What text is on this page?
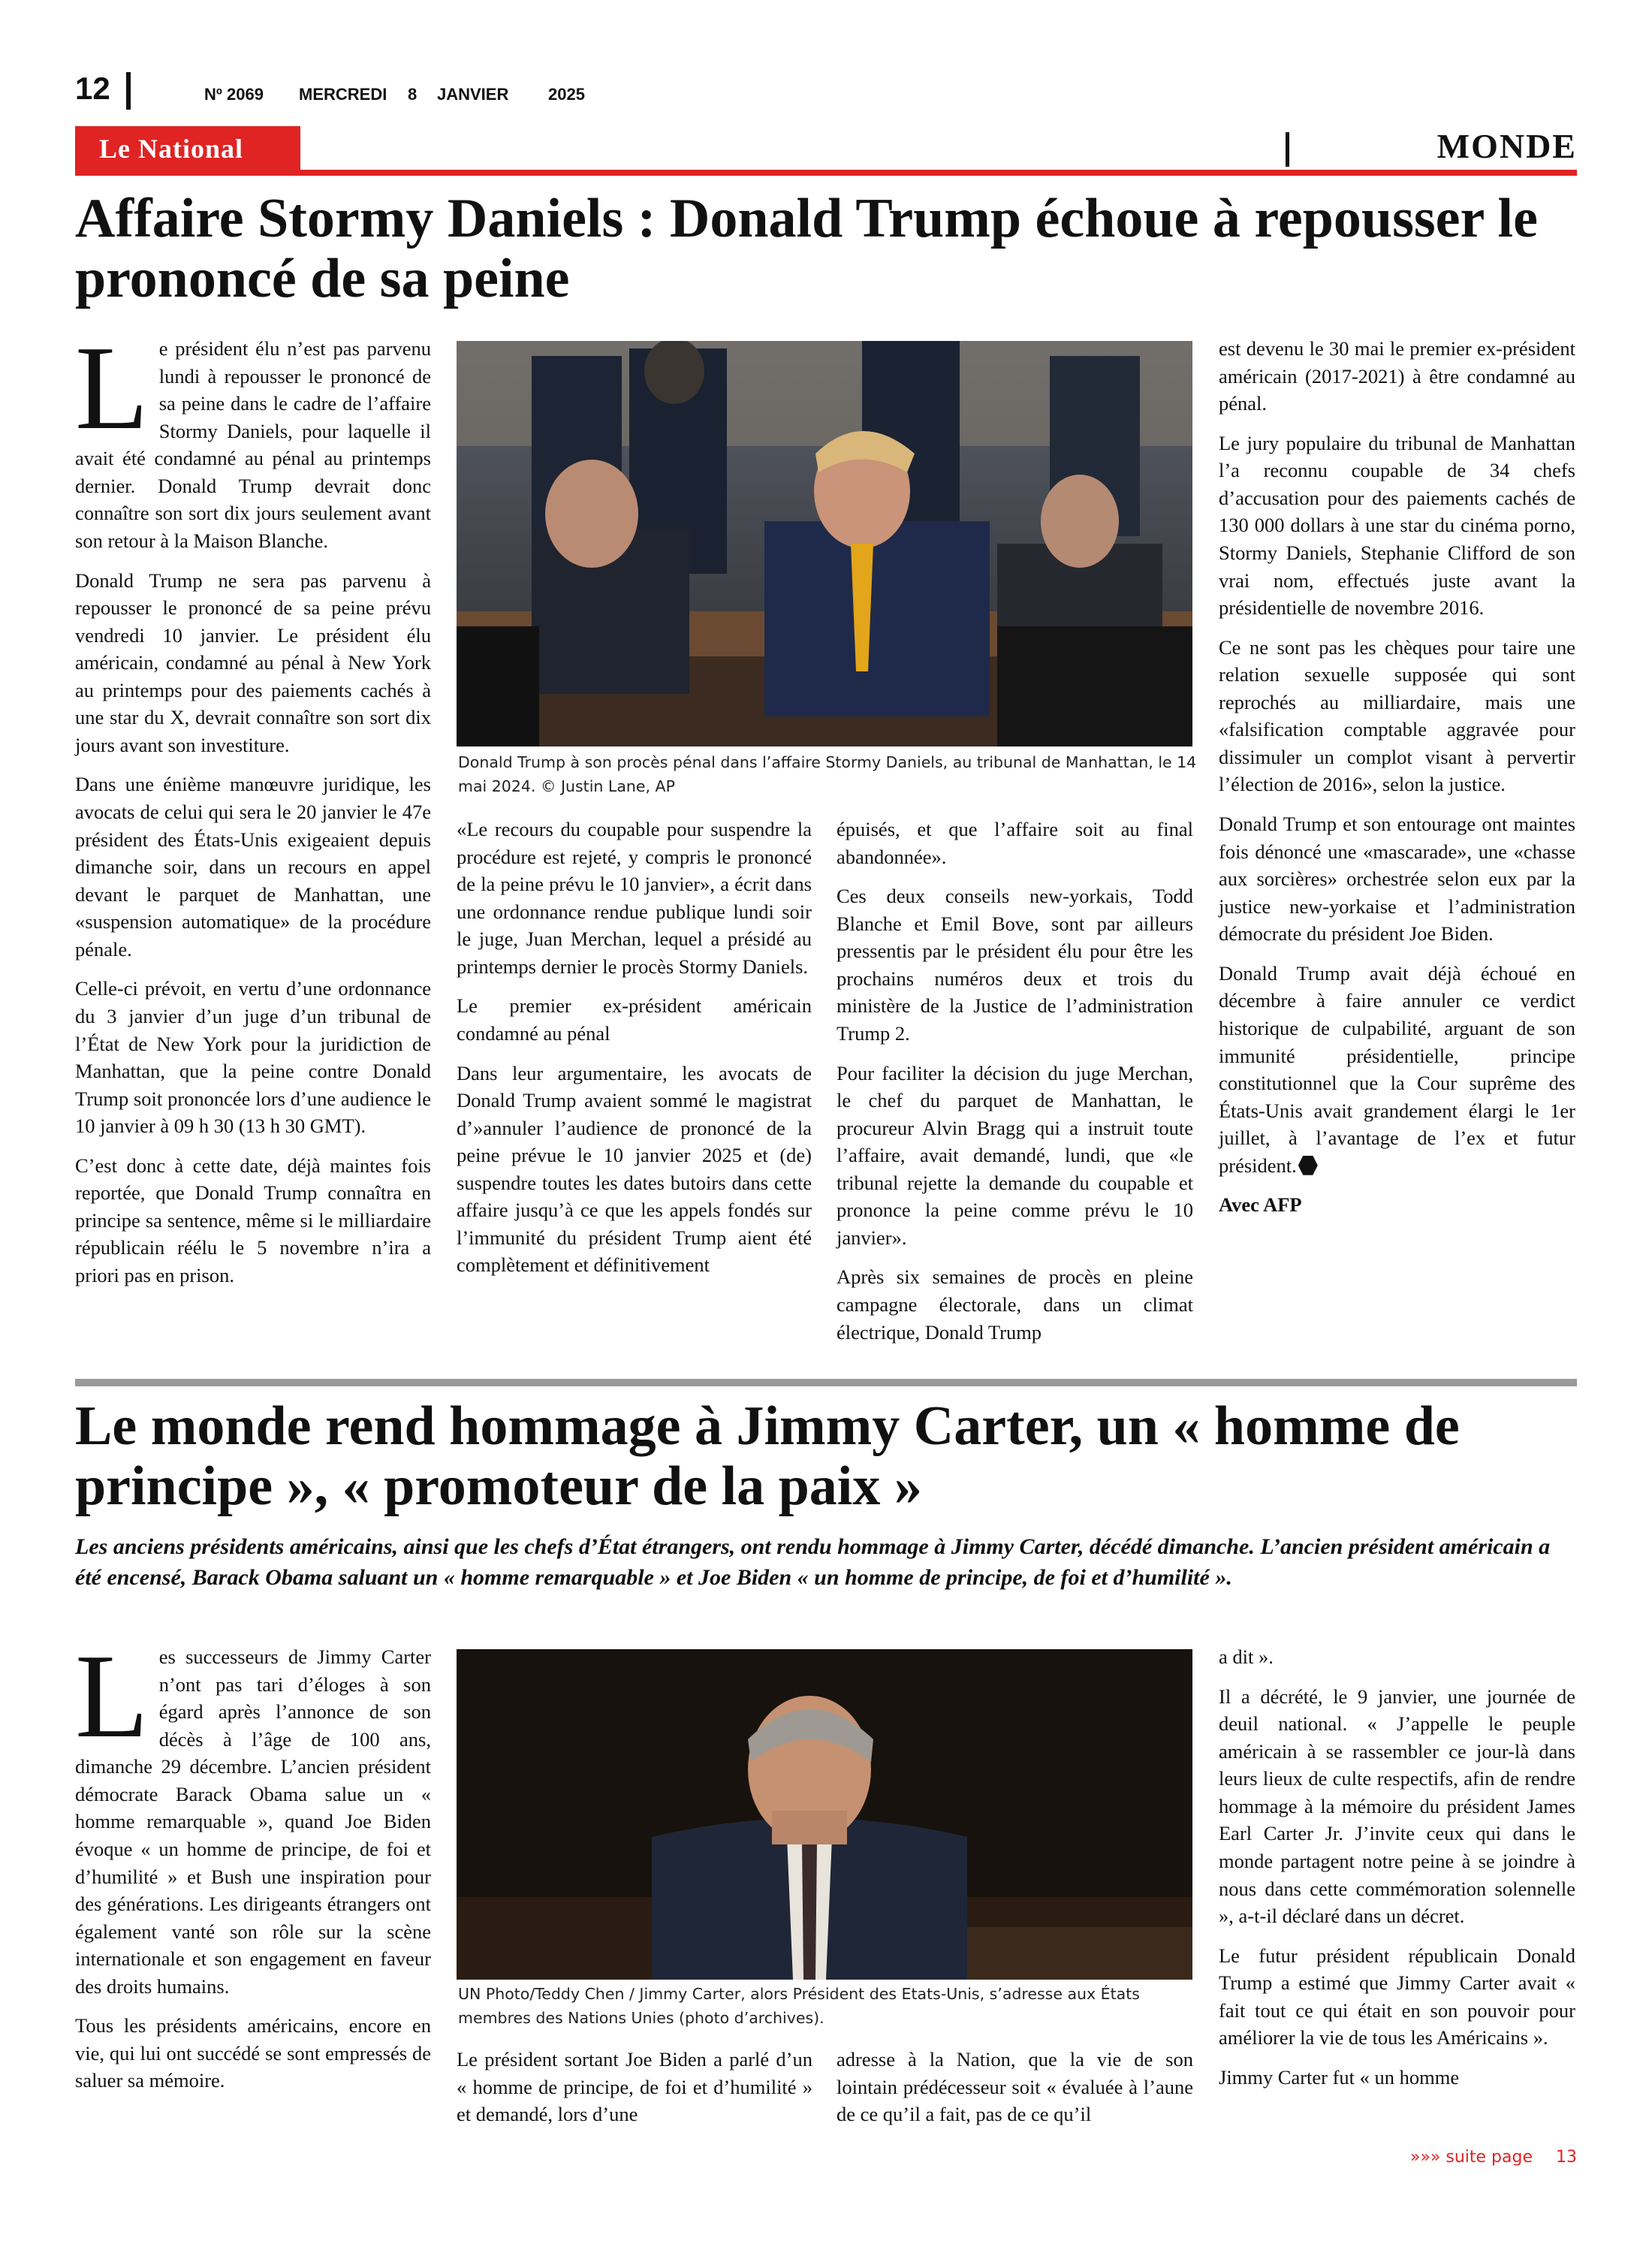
12	Nº 2069 MERCREDI 8 JANVIER 2025
Le National	MONDE
Affaire Stormy Daniels : Donald Trump échoue à repousser le prononcé de sa peine

Le président élu n’est pas parvenu lundi à repousser le prononcé de sa peine dans le cadre de l’affaire Stormy Daniels, pour laquelle il avait été condamné au pénal au printemps dernier. Donald Trump devrait donc connaître son sort dix jours seulement avant son retour à la Maison Blanche.

Donald Trump ne sera pas parvenu à repousser le prononcé de sa peine prévu vendredi 10 janvier. Le président élu américain, condamné au pénal à New York au printemps pour des paiements cachés à une star du X, devrait connaître son sort dix jours avant son investiture.

Dans une énième manœuvre juridique, les avocats de celui qui sera le 20 janvier le 47e président des États-Unis exigeaient depuis dimanche soir, dans un recours en appel devant le parquet de Manhattan, une «suspension automatique» de la procédure pénale.

Celle-ci prévoit, en vertu d’une ordonnance du 3 janvier d’un juge d’un tribunal de l’État de New York pour la juridiction de Manhattan, que la peine contre Donald Trump soit prononcée lors d’une audience le 10 janvier à 09 h 30 (13 h 30 GMT).

C’est donc à cette date, déjà maintes fois reportée, que Donald Trump connaîtra en principe sa sentence, même si le milliardaire républicain réélu le 5 novembre n’ira a priori pas en prison.

Donald Trump à son procès pénal dans l’affaire Stormy Daniels, au tribunal de Manhattan, le 14 mai 2024. © Justin Lane, AP

«Le recours du coupable pour suspendre la procédure est rejeté, y compris le prononcé de la peine prévu le 10 janvier», a écrit dans une ordonnance rendue publique lundi soir le juge, Juan Merchan, lequel a présidé au printemps dernier le procès Stormy Daniels.

Le premier ex-président américain condamné au pénal

Dans leur argumentaire, les avocats de Donald Trump avaient sommé le magistrat d’»annuler l’audience de prononcé de la peine prévue le 10 janvier 2025 et (de) suspendre toutes les dates butoirs dans cette affaire jusqu’à ce que les appels fondés sur l’immunité du président Trump aient été complètement et définitivement

épuisés, et que l’affaire soit au final abandonnée».

Ces deux conseils new-yorkais, Todd Blanche et Emil Bove, sont par ailleurs pressentis par le président élu pour être les prochains numéros deux et trois du ministère de la Justice de l’administration Trump 2.

Pour faciliter la décision du juge Merchan, le chef du parquet de Manhattan, le procureur Alvin Bragg qui a instruit toute l’affaire, avait demandé, lundi, que «le tribunal rejette la demande du coupable et prononce la peine comme prévu le 10 janvier».

Après six semaines de procès en pleine campagne électorale, dans un climat électrique, Donald Trump

est devenu le 30 mai le premier ex-président américain (2017-2021) à être condamné au pénal.

Le jury populaire du tribunal de Manhattan l’a reconnu coupable de 34 chefs d’accusation pour des paiements cachés de 130 000 dollars à une star du cinéma porno, Stormy Daniels, Stephanie Clifford de son vrai nom, effectués juste avant la présidentielle de novembre 2016.

Ce ne sont pas les chèques pour taire une relation sexuelle supposée qui sont reprochés au milliardaire, mais une «falsification comptable aggravée pour dissimuler un complot visant à pervertir l’élection de 2016», selon la justice.

Donald Trump et son entourage ont maintes fois dénoncé une «mascarade», une «chasse aux sorcières» orchestrée selon eux par la justice new-yorkaise et l’administration démocrate du président Joe Biden.

Donald Trump avait déjà échoué en décembre à faire annuler ce verdict historique de culpabilité, arguant de son immunité présidentielle, principe constitutionnel que la Cour suprême des États-Unis avait grandement élargi le 1er juillet, à l’avantage de l’ex et futur président.

Avec AFP

Le monde rend hommage à Jimmy Carter, un « homme de principe », « promoteur de la paix »
Les anciens présidents américains, ainsi que les chefs d’État étrangers, ont rendu hommage à Jimmy Carter, décédé dimanche. L’ancien président américain a été encensé, Barack Obama saluant un « homme remarquable » et Joe Biden « un homme de principe, de foi et d’humilité ».

Les successeurs de Jimmy Carter n’ont pas tari d’éloges à son égard après l’annonce de son décès à l’âge de 100 ans, dimanche 29 décembre. L’ancien président démocrate Barack Obama salue un « homme remarquable », quand Joe Biden évoque « un homme de principe, de foi et d’humilité » et Bush une inspiration pour des générations. Les dirigeants étrangers ont également vanté son rôle sur la scène internationale et son engagement en faveur des droits humains.

Tous les présidents américains, encore en vie, qui lui ont succédé se sont empressés de saluer sa mémoire.

UN Photo/Teddy Chen / Jimmy Carter, alors Président des Etats-Unis, s’adresse aux États membres des Nations Unies (photo d’archives).

Le président sortant Joe Biden a parlé d’un « homme de principe, de foi et d’humilité » et demandé, lors d’une

adresse à la Nation, que la vie de son lointain prédécesseur soit « évaluée à l’aune de ce qu’il a fait, pas de ce qu’il

a dit ».

Il a décrété, le 9 janvier, une journée de deuil national. « J’appelle le peuple américain à se rassembler ce jour-là dans leurs lieux de culte respectifs, afin de rendre hommage à la mémoire du président James Earl Carter Jr. J’invite ceux qui dans le monde partagent notre peine à se joindre à nous dans cette commémoration solennelle », a-t-il déclaré dans un décret.

Le futur président républicain Donald Trump a estimé que Jimmy Carter avait « fait tout ce qui était en son pouvoir pour améliorer la vie de tous les Américains ».

Jimmy Carter fut « un homme

»»» suite page 13
